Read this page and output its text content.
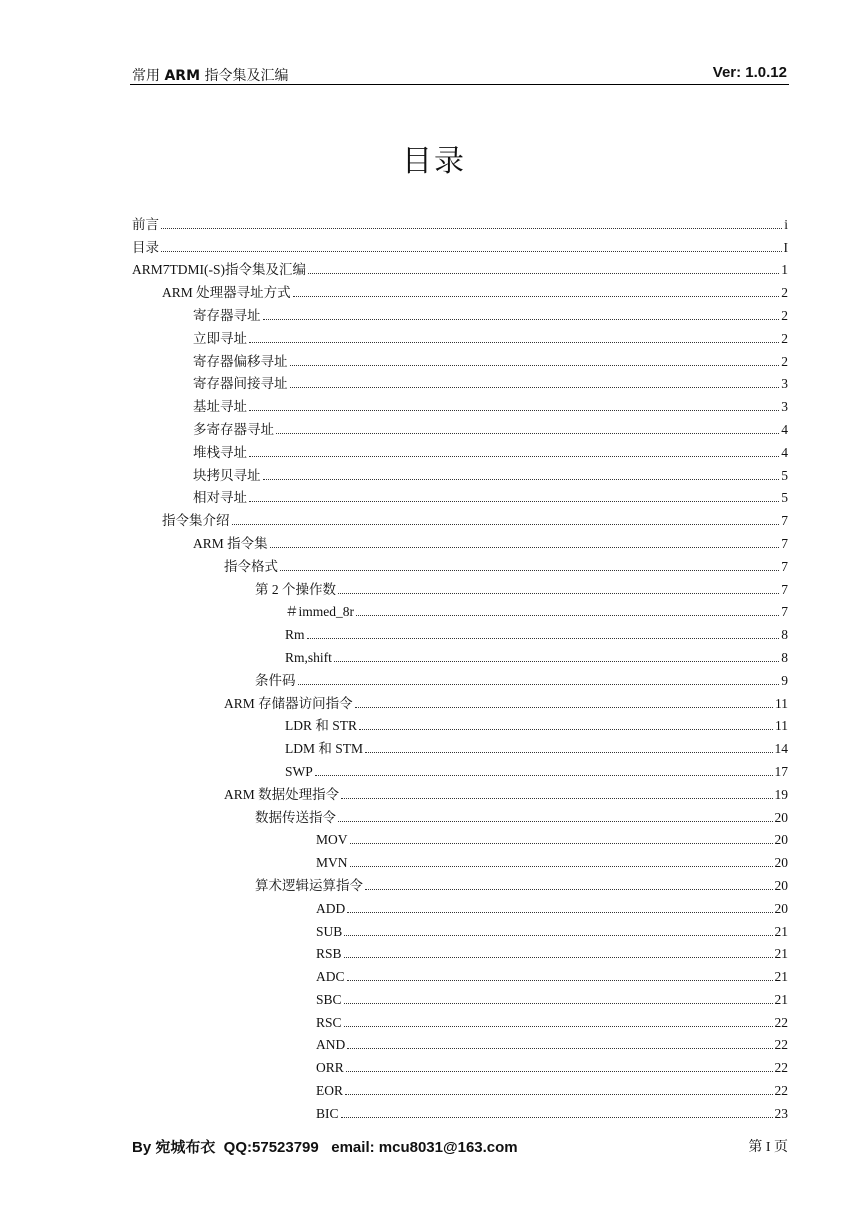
常用 ARM 指令集及汇编	Ver: 1.0.12
目录
前言	i
目录	I
ARM7TDMI(-S)指令集及汇编	1
ARM 处理器寻址方式	2
寄存器寻址	2
立即寻址	2
寄存器偏移寻址	2
寄存器间接寻址	3
基址寻址	3
多寄存器寻址	4
堆栈寻址	4
块拷贝寻址	5
相对寻址	5
指令集介绍	7
ARM 指令集	7
指令格式	7
第 2 个操作数	7
＃immed_8r	7
Rm	8
Rm,shift	8
条件码	9
ARM 存储器访问指令	11
LDR 和 STR	11
LDM 和 STM	14
SWP	17
ARM 数据处理指令	19
数据传送指令	20
MOV	20
MVN	20
算术逻辑运算指令	20
ADD	20
SUB	21
RSB	21
ADC	21
SBC	21
RSC	22
AND	22
ORR	22
EOR	22
BIC	23
By 宛城布衣  QQ:57523799   email: mcu8031@163.com	第 I 页
